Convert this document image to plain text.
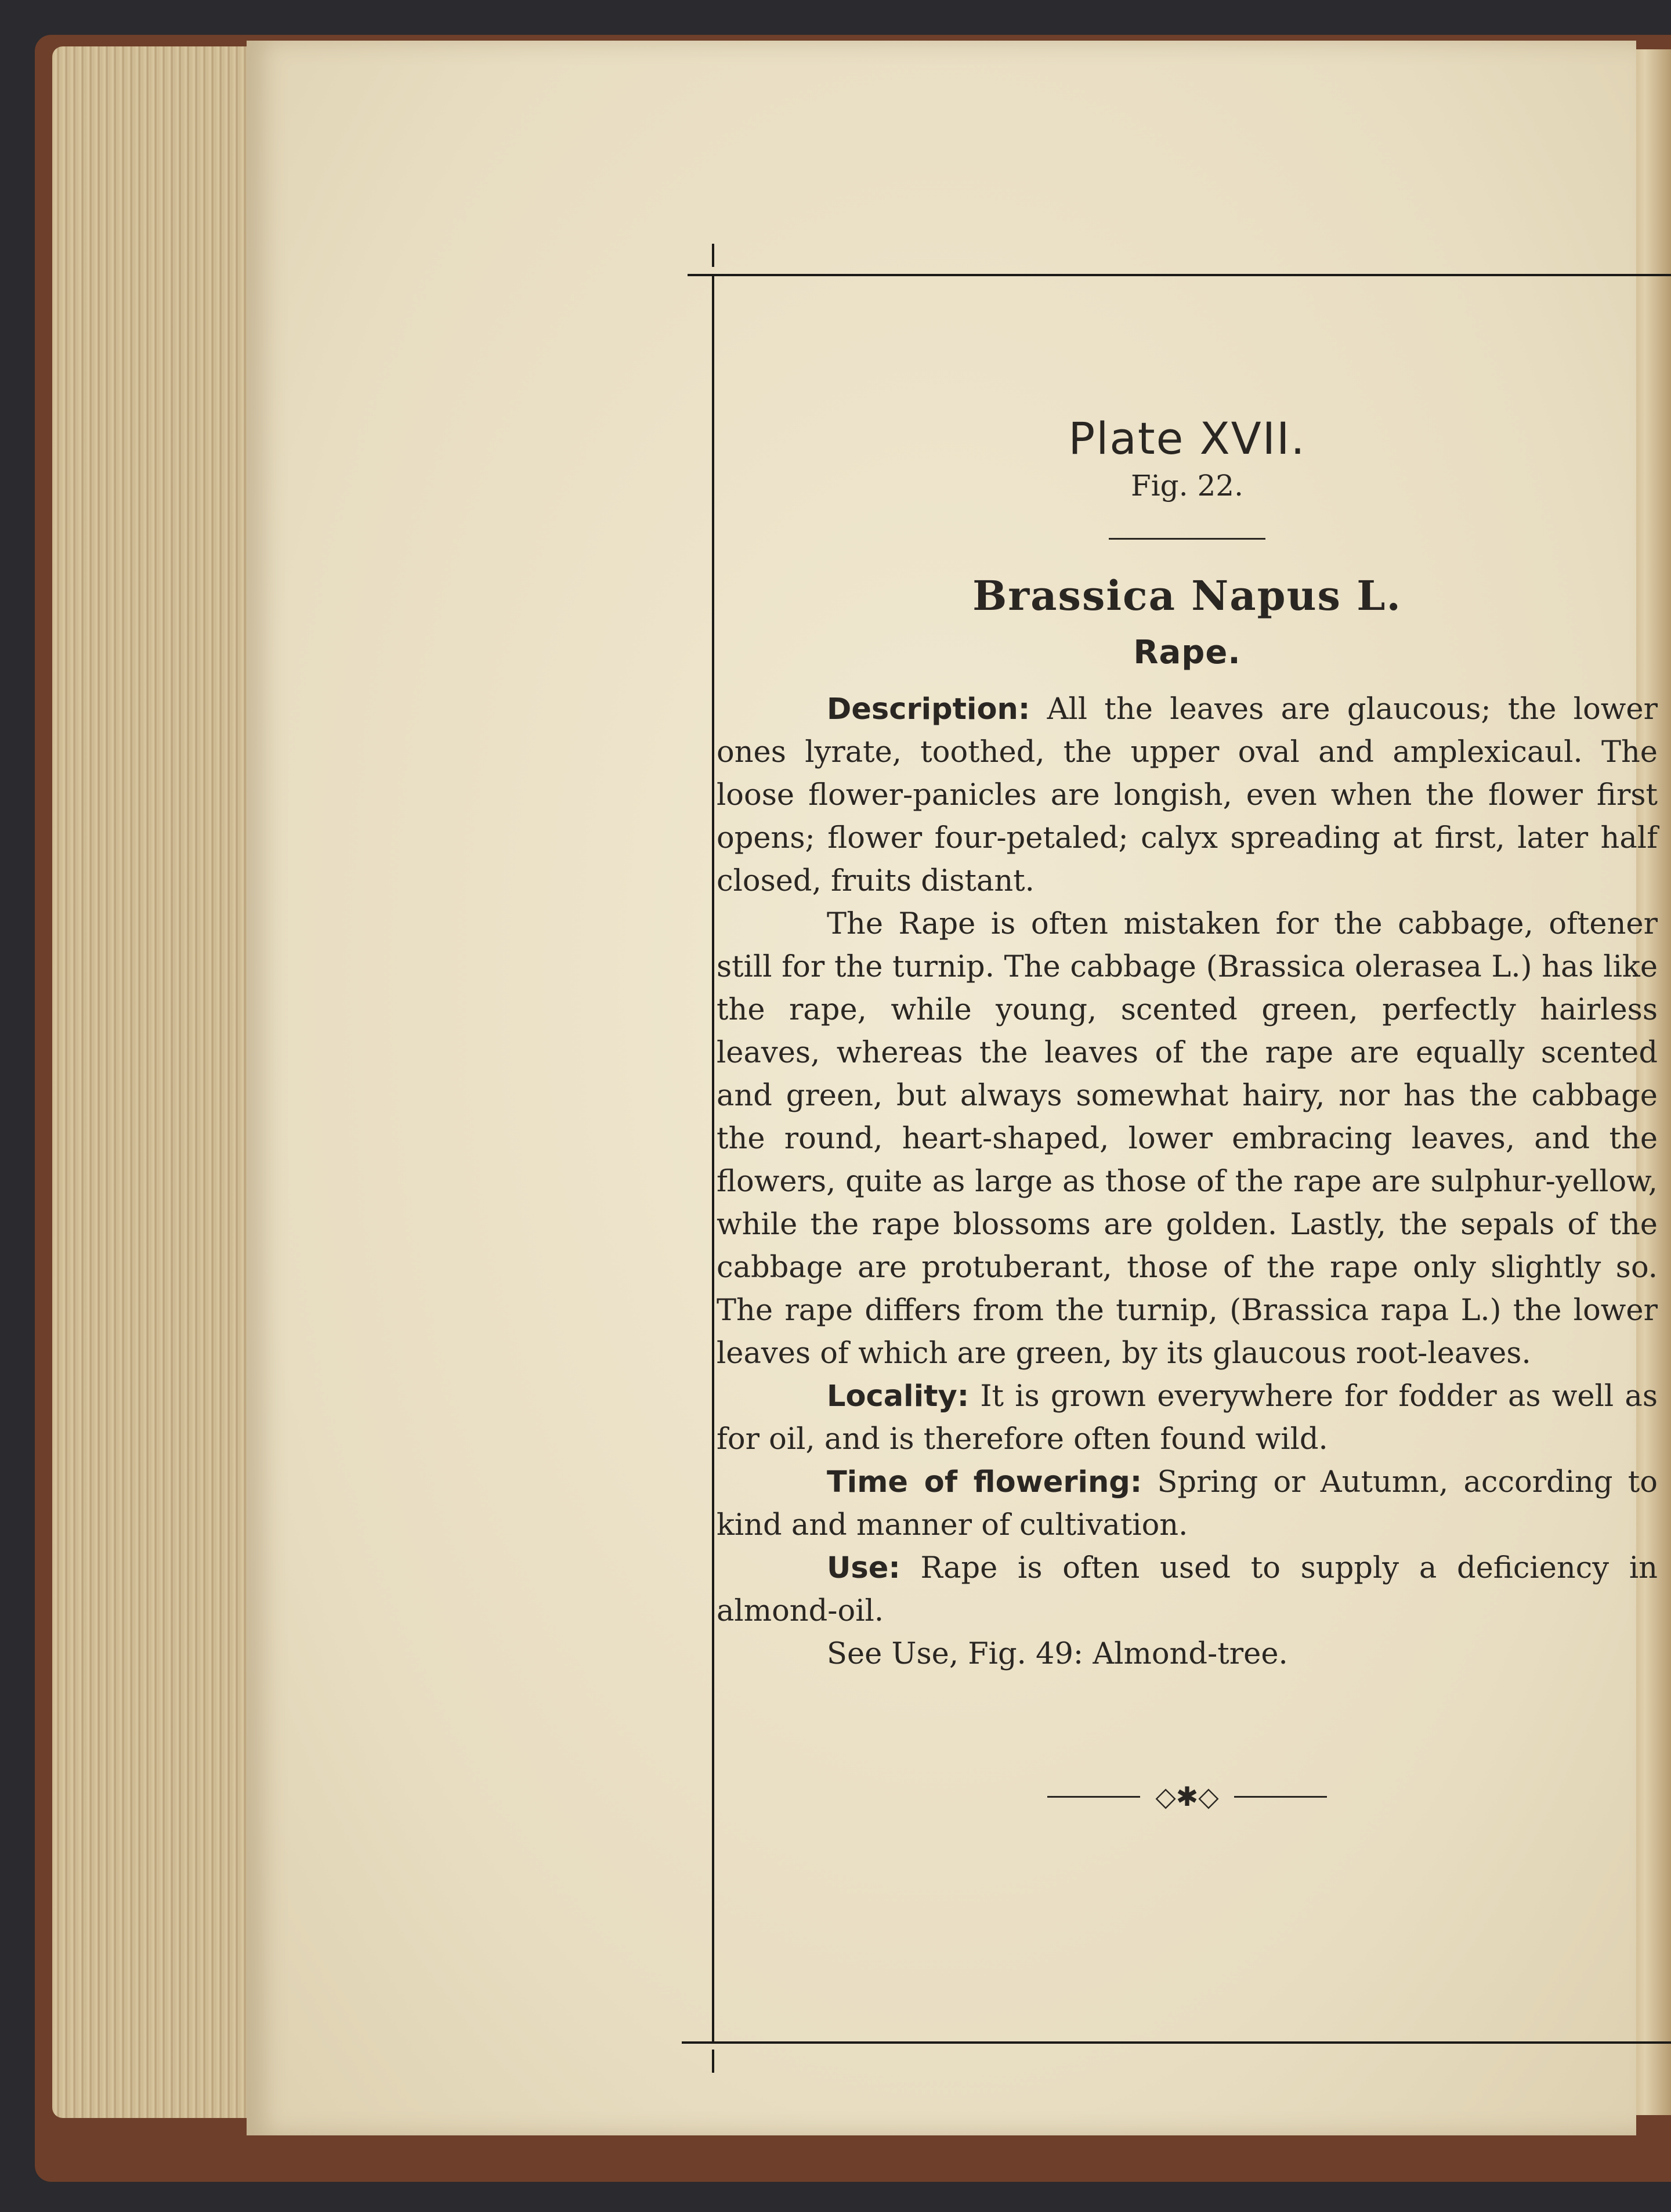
Plate XVII.
Fig. 22.
Brassica Napus L.
Rape.

Description: All the leaves are glaucous; the lower ones lyrate, toothed, the upper oval and amplexicaul. The loose flower-panicles are longish, even when the flower first opens; flower four-petaled; calyx spreading at first, later half closed, fruits distant.

The Rape is often mistaken for the cabbage, oftener still for the turnip. The cabbage (Brassica olerasea L.) has like the rape, while young, scented green, perfectly hairless leaves, whereas the leaves of the rape are equally scented and green, but always somewhat hairy, nor has the cabbage the round, heart-shaped, lower embracing leaves, and the flowers, quite as large as those of the rape are sulphur-yellow, while the rape blossoms are golden. Lastly, the sepals of the cabbage are protuberant, those of the rape only slightly so. The rape differs from the turnip, (Brassica rapa L.) the lower leaves of which are green, by its glaucous root-leaves.

Locality: It is grown everywhere for fodder as well as for oil, and is therefore often found wild.

Time of flowering: Spring or Autumn, according to kind and manner of cultivation.

Use: Rape is often used to supply a deficiency in almond-oil.

See Use, Fig. 49: Almond-tree.

◇✱◇
